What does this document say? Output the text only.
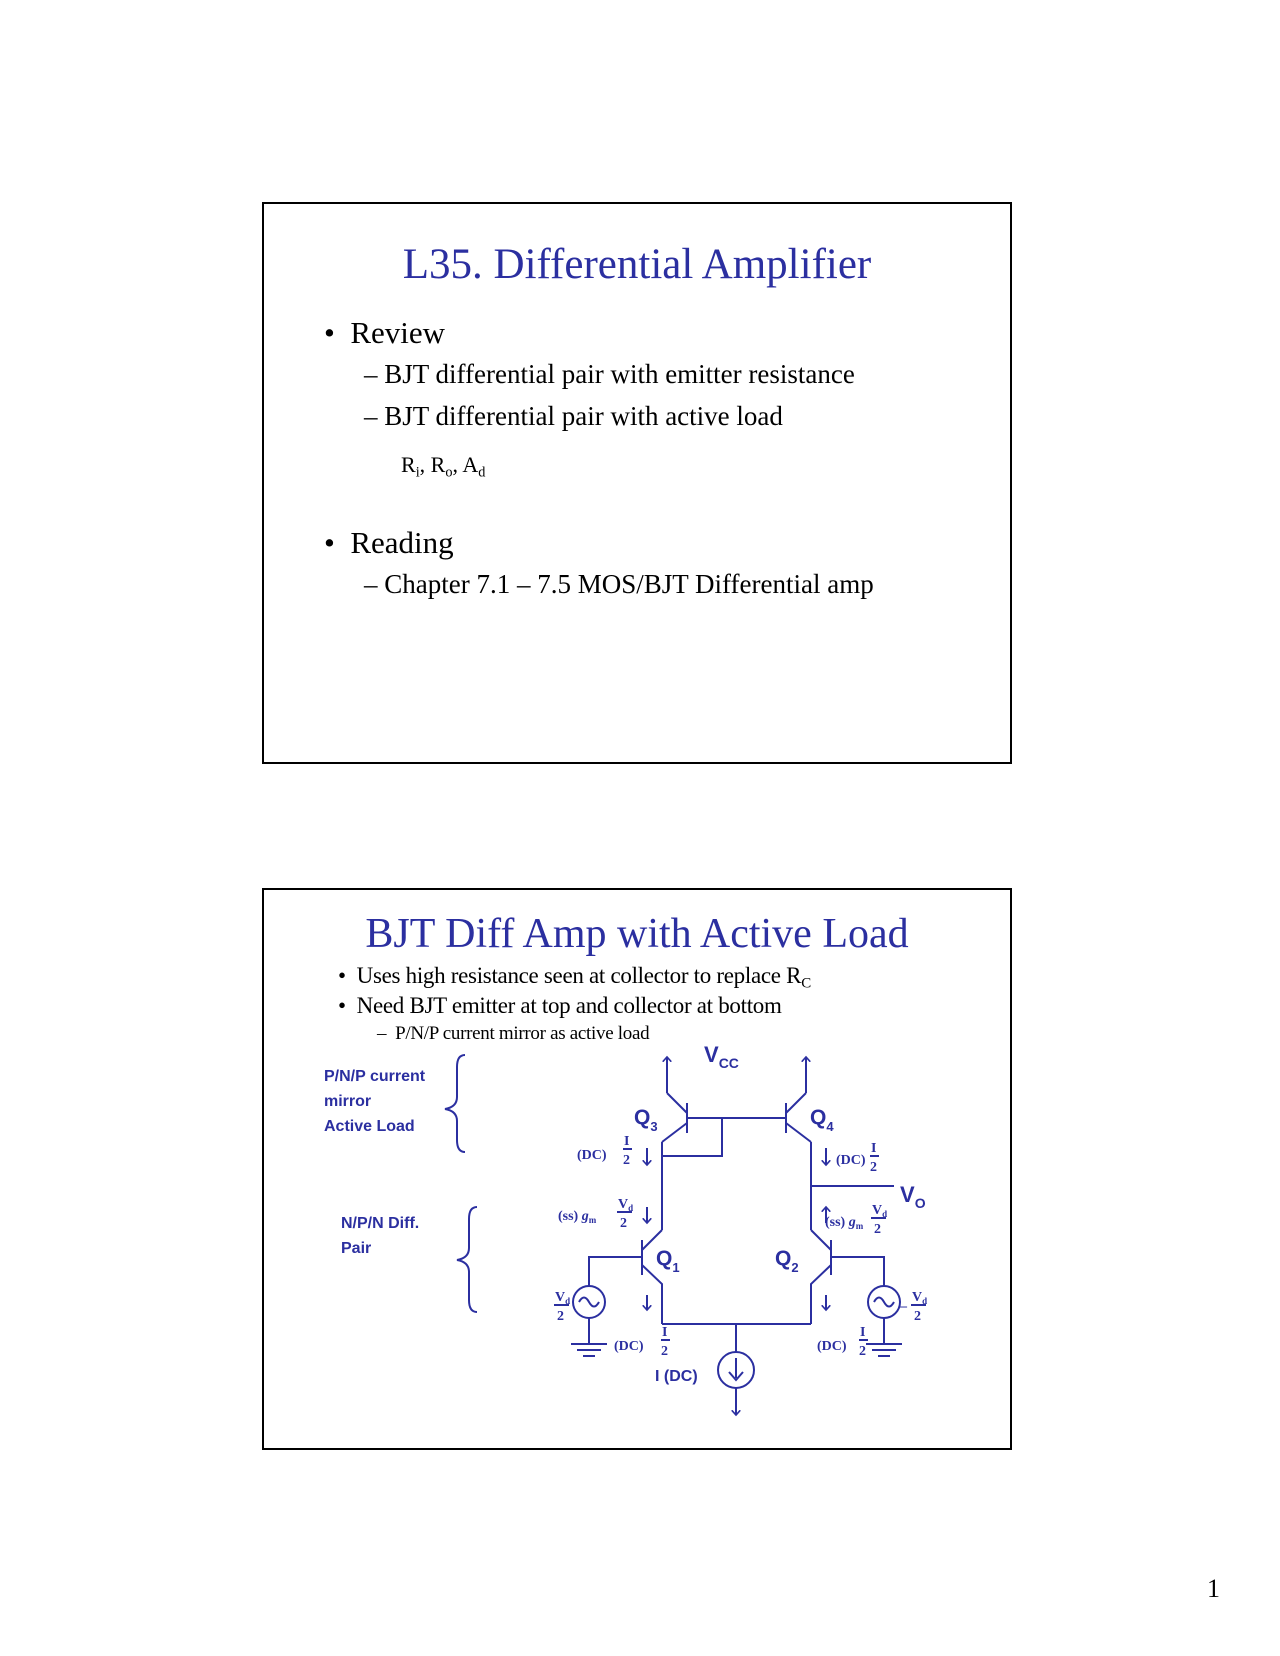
L35. Differential Amplifier
• Review
– BJT differential pair with emitter resistance
– BJT differential pair with active load
$R_i$, $R_o$, $A_d$
• Reading
– Chapter 7.1 – 7.5 MOS/BJT Differential amp
BJT Diff Amp with Active Load
• Uses high resistance seen at collector to replace $R_C$
• Need BJT emitter at top and collector at bottom
–  P/N/P current mirror as active load
P/N/P current
mirror
Active Load
N/P/N Diff.
Pair
$V_{CC}$
$Q_3$	$Q_4$
$Q_1$	$Q_2$
$V_O$
I (DC)
(DC)
I
2	(DC)
I
2
(ss) $g_m$
$V_d$
2	(ss) $g_m$
$V_d$
2
$V_d$
2
–
$V_d$
2
(DC)
I
2	(DC)
I
2
1
